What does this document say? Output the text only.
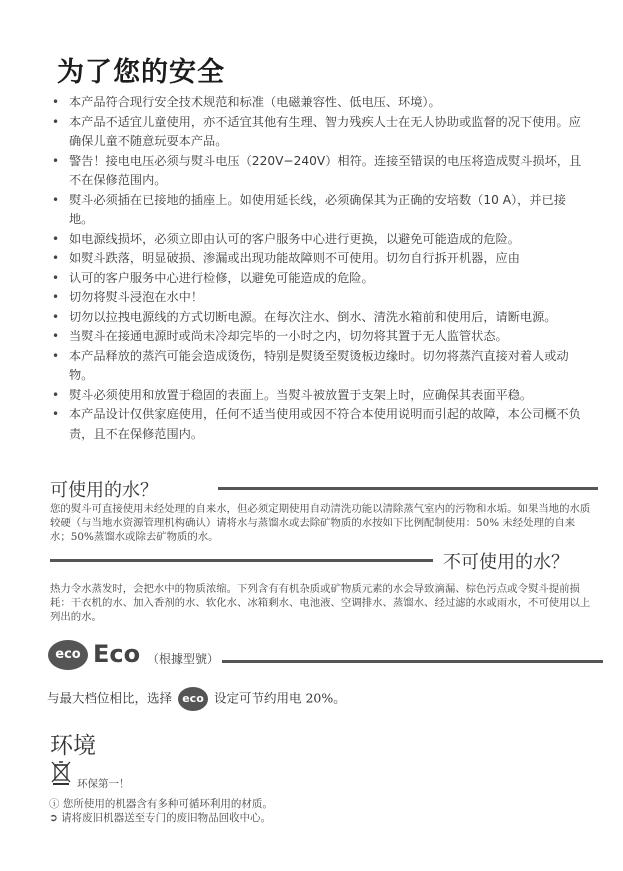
为了您的安全
• 本产品符合现行安全技术规范和标准（电磁兼容性、低电压、环境）。
• 本产品不适宜儿童使用，亦不适宜其他有生理、智力残疾人士在无人协助或监督的况下使用。应确保儿童不随意玩耍本产品。
• 警告！接电电压必须与熨斗电压（220V−240V）相符。连接至错误的电压将造成熨斗损坏，且不在保修范围内。
• 熨斗必须插在已接地的插座上。如使用延长线，必须确保其为正确的安培数（10 A），并已接地。
• 如电源线损坏，必须立即由认可的客户服务中心进行更换，以避免可能造成的危险。
• 如熨斗跌落，明显破损、渗漏或出现功能故障则不可使用。切勿自行拆开机器，应由
• 认可的客户服务中心进行检修，以避免可能造成的危险。
• 切勿将熨斗浸泡在水中！
• 切勿以拉拽电源线的方式切断电源。在每次注水、倒水、清洗水箱前和使用后，请断电源。
• 当熨斗在接通电源时或尚未冷却完毕的一小时之内，切勿将其置于无人监管状态。
• 本产品释放的蒸汽可能会造成烫伤，特别是熨烫至熨烫板边缘时。切勿将蒸汽直接对着人或动物。
• 熨斗必须使用和放置于稳固的表面上。当熨斗被放置于支架上时，应确保其表面平稳。
• 本产品设计仅供家庭使用，任何不适当使用或因不符合本使用说明而引起的故障，本公司概不负责，且不在保修范围内。
可使用的水？
您的熨斗可直接使用未经处理的自来水，但必须定期使用自动清洗功能以清除蒸气室内的污物和水垢。如果当地的水质较硬（与当地水资源管理机构确认）请将水与蒸馏水或去除矿物质的水按如下比例配制使用：50% 未经处理的自来水；50%蒸馏水或除去矿物质的水。
不可使用的水？
热力令水蒸发时，会把水中的物质浓缩。下列含有有机杂质或矿物质元素的水会导致滴漏、棕色污点或令熨斗提前损耗：干衣机的水、加入香剂的水、软化水、冰箱剩水、电池液、空调排水、蒸馏水、经过滤的水或雨水，不可使用以上列出的水。
eco Eco （根據型號）
与最大档位相比，选择 eco 设定可节约用电 20%。
环境
环保第一！
ⓘ 您所使用的机器含有多种可循环利用的材质。
➲ 请将废旧机器送至专门的废旧物品回收中心。
